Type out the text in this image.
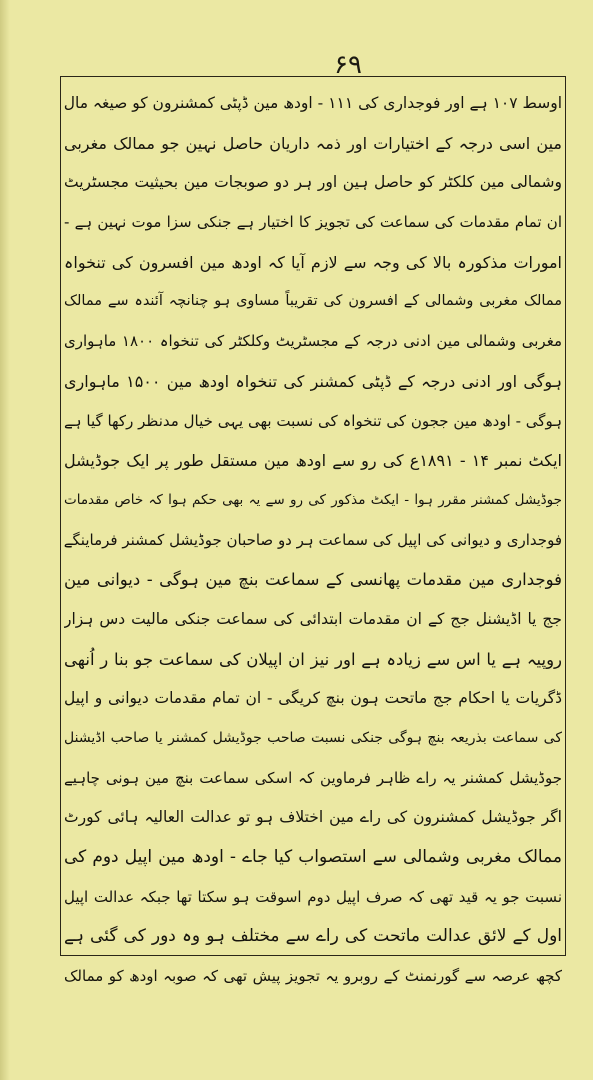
۶۹
اوسط ۱۰۷ ہے اور فوجداری کی ۱۱۱ - اودھ مین ڈپٹی کمشنرون کو صیغہ مال
مین اسی درجہ کے اختیارات اور ذمہ داریان حاصل نہین جو ممالک مغربی
وشمالی مین کلکٹر کو حاصل ہین اور ہر دو صوبجات مین بحیثیت مجسٹریٹ
ان تمام مقدمات کی سماعت کی تجویز کا اختیار ہے جنکی سزا موت نہین ہے -
امورات مذکورہ بالا کی وجہ سے لازم آیا کہ اودھ مین افسرون کی تنخواہ
ممالک مغربی وشمالی کے افسرون کی تقریباً مساوی ہو چنانچہ آئندہ سے ممالک
مغربی وشمالی مین ادنی درجہ کے مجسٹریٹ وکلکٹر کی تنخواہ ۱۸۰۰ ماہواری
ہوگی اور ادنی درجہ کے ڈپٹی کمشنر کی تنخواہ اودھ مین ۱۵۰۰ ماہواری
ہوگی - اودھ مین ججون کی تنخواہ کی نسبت بھی یہی خیال مدنظر رکھا گیا ہے
ایکٹ نمبر ۱۴ - ۱۸۹۱ع کی رو سے اودھ مین مستقل طور پر ایک جوڈیشل
جوڈیشل کمشنر مقرر ہوا - ایکٹ مذکور کی رو سے یہ بھی حکم ہوا کہ خاص مقدمات
فوجداری و دیوانی کی اپیل کی سماعت ہر دو صاحبان جوڈیشل کمشنر فرماینگے
فوجداری مین مقدمات پھانسی کے سماعت بنچ مین ہوگی - دیوانی مین
جج یا اڈیشنل جج کے ان مقدمات ابتدائی کی سماعت جنکی مالیت دس ہزار
روپیہ ہے یا اس سے زیادہ ہے اور نیز ان اپیلان کی سماعت جو بنا ر اُنھی
ڈگریات یا احکام جج ماتحت ہون بنچ کریگی - ان تمام مقدمات دیوانی و اپیل
کی سماعت بذریعہ بنچ ہوگی جنکی نسبت صاحب جوڈیشل کمشنر یا صاحب اڈیشنل
جوڈیشل کمشنر یہ راے ظاہر فرماوین کہ اسکی سماعت بنچ مین ہونی چاہیے
اگر جوڈیشل کمشنرون کی راے مین اختلاف ہو تو عدالت العالیہ ہائی کورٹ
ممالک مغربی وشمالی سے استصواب کیا جاے - اودھ مین اپیل دوم کی
نسبت جو یہ قید تھی کہ صرف اپیل دوم اسوقت ہو سکتا تھا جبکہ عدالت اپیل
اول کے لائق عدالت ماتحت کی راے سے مختلف ہو وہ دور کی گئی ہے
کچھ عرصہ سے گورنمنٹ کے روبرو یہ تجویز پیش تھی کہ صوبہ اودھ کو ممالک
